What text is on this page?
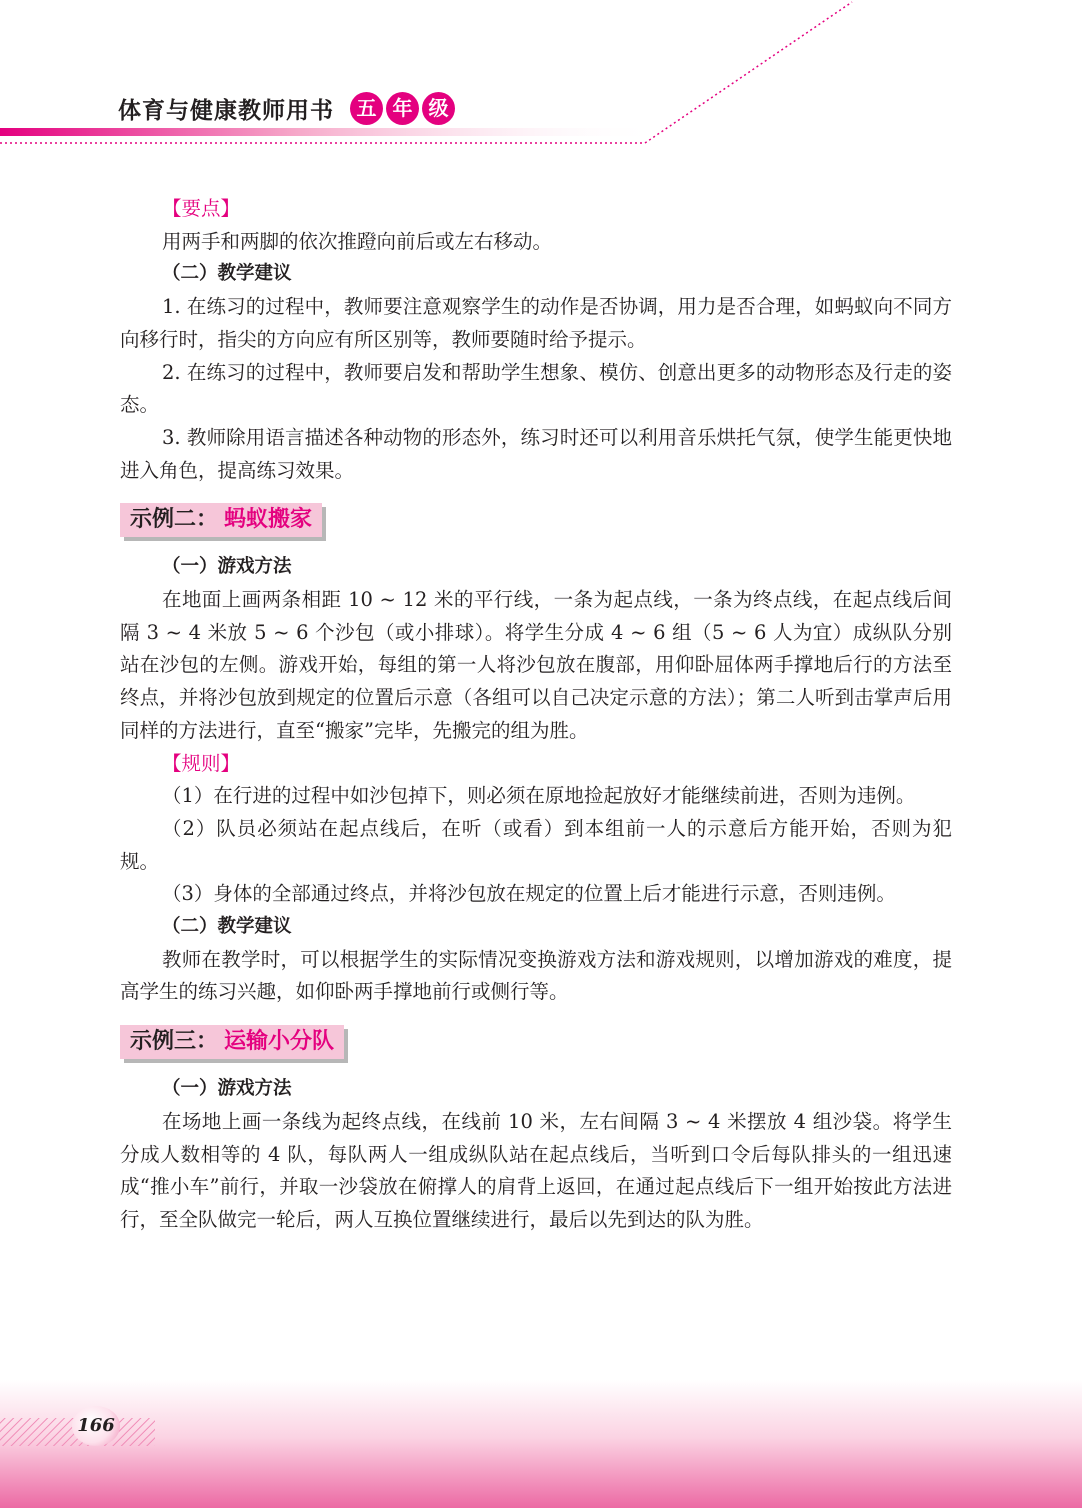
体育与健康教师用书	五 年 级

【要点】

用两手和两脚的依次推蹬向前后或左右移动。

（二）教学建议

1. 在练习的过程中，教师要注意观察学生的动作是否协调，用力是否合理，如蚂蚁向不同方向移行时，指尖的方向应有所区别等，教师要随时给予提示。

2. 在练习的过程中，教师要启发和帮助学生想象、模仿、创意出更多的动物形态及行走的姿态。

3. 教师除用语言描述各种动物的形态外，练习时还可以利用音乐烘托气氛，使学生能更快地进入角色，提高练习效果。

示例二： 蚂蚁搬家

（一）游戏方法

在地面上画两条相距 10 ~ 12 米的平行线，一条为起点线，一条为终点线，在起点线后间隔 3 ~ 4 米放 5 ~ 6 个沙包（或小排球）。将学生分成 4 ~ 6 组（5 ~ 6 人为宜）成纵队分别站在沙包的左侧。游戏开始，每组的第一人将沙包放在腹部，用仰卧屈体两手撑地后行的方法至终点，并将沙包放到规定的位置后示意（各组可以自己决定示意的方法）；第二人听到击掌声后用同样的方法进行，直至“搬家”完毕，先搬完的组为胜。

【规则】

（1）在行进的过程中如沙包掉下，则必须在原地捡起放好才能继续前进，否则为违例。

（2）队员必须站在起点线后，在听（或看）到本组前一人的示意后方能开始，否则为犯规。

（3）身体的全部通过终点，并将沙包放在规定的位置上后才能进行示意，否则违例。

（二）教学建议

教师在教学时，可以根据学生的实际情况变换游戏方法和游戏规则，以增加游戏的难度，提高学生的练习兴趣，如仰卧两手撑地前行或侧行等。

示例三： 运输小分队

（一）游戏方法

在场地上画一条线为起终点线，在线前 10 米，左右间隔 3 ~ 4 米摆放 4 组沙袋。将学生分成人数相等的 4 队，每队两人一组成纵队站在起点线后，当听到口令后每队排头的一组迅速成“推小车”前行，并取一沙袋放在俯撑人的肩背上返回，在通过起点线后下一组开始按此方法进行，至全队做完一轮后，两人互换位置继续进行，最后以先到达的队为胜。

166
